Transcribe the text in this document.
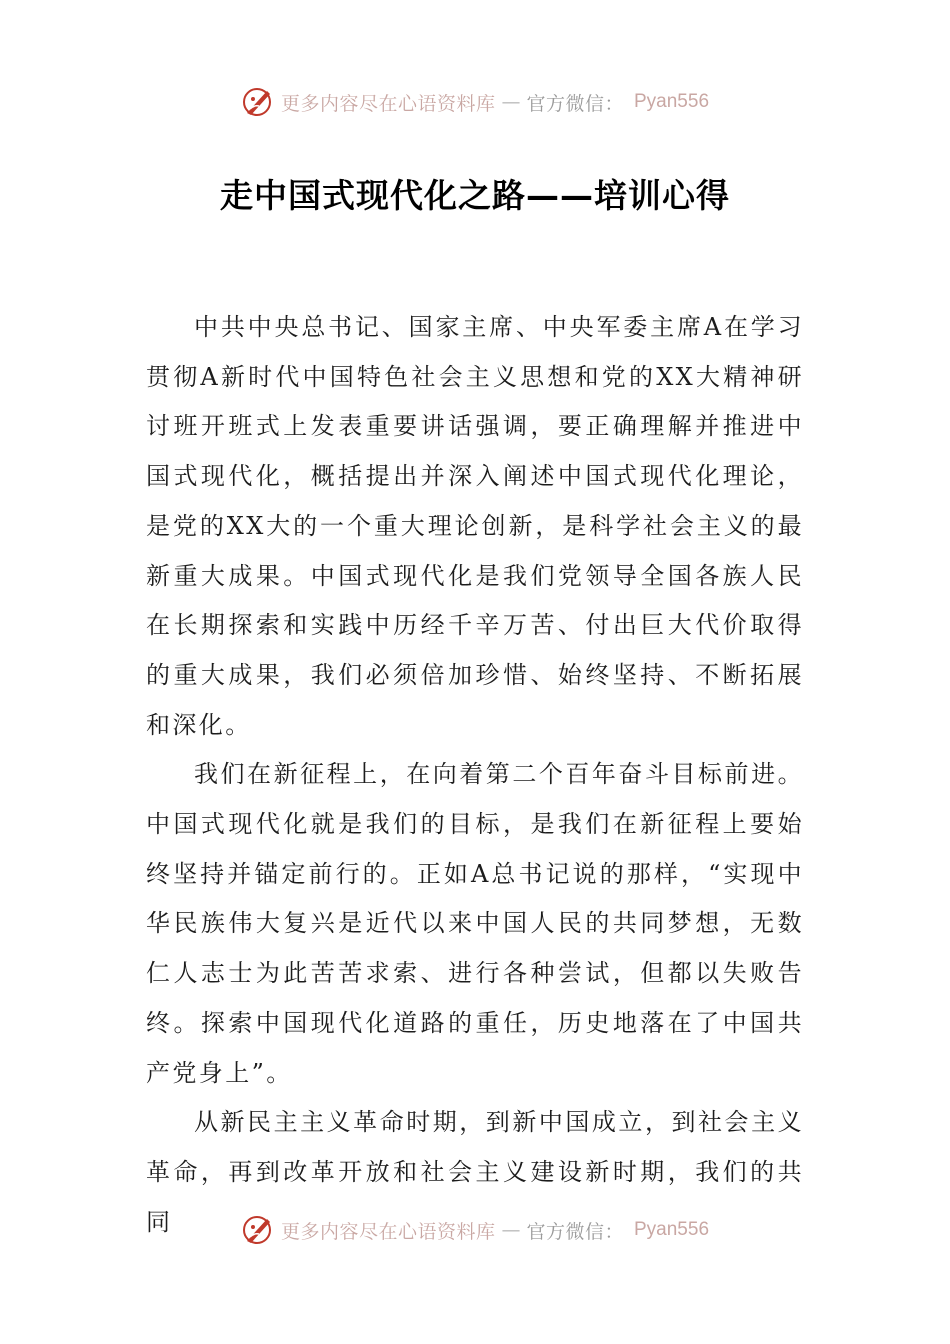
更多内容尽在心语资料库 — 官方微信： Pyan556
走中国式现代化之路——培训心得

中共中央总书记、国家主席、中央军委主席A在学习贯彻A新时代中国特色社会主义思想和党的XX大精神研讨班开班式上发表重要讲话强调，要正确理解并推进中国式现代化，概括提出并深入阐述中国式现代化理论，是党的XX大的一个重大理论创新，是科学社会主义的最新重大成果。中国式现代化是我们党领导全国各族人民在长期探索和实践中历经千辛万苦、付出巨大代价取得的重大成果，我们必须倍加珍惜、始终坚持、不断拓展和深化。

我们在新征程上，在向着第二个百年奋斗目标前进。中国式现代化就是我们的目标，是我们在新征程上要始终坚持并锚定前行的。正如A总书记说的那样，“实现中华民族伟大复兴是近代以来中国人民的共同梦想，无数仁人志士为此苦苦求索、进行各种尝试，但都以失败告终。探索中国现代化道路的重任，历史地落在了中国共产党身上”。

从新民主主义革命时期，到新中国成立，到社会主义革命，再到改革开放和社会主义建设新时期，我们的共同	更多内容尽在心语资料库 — 官方微信： Pyan556
